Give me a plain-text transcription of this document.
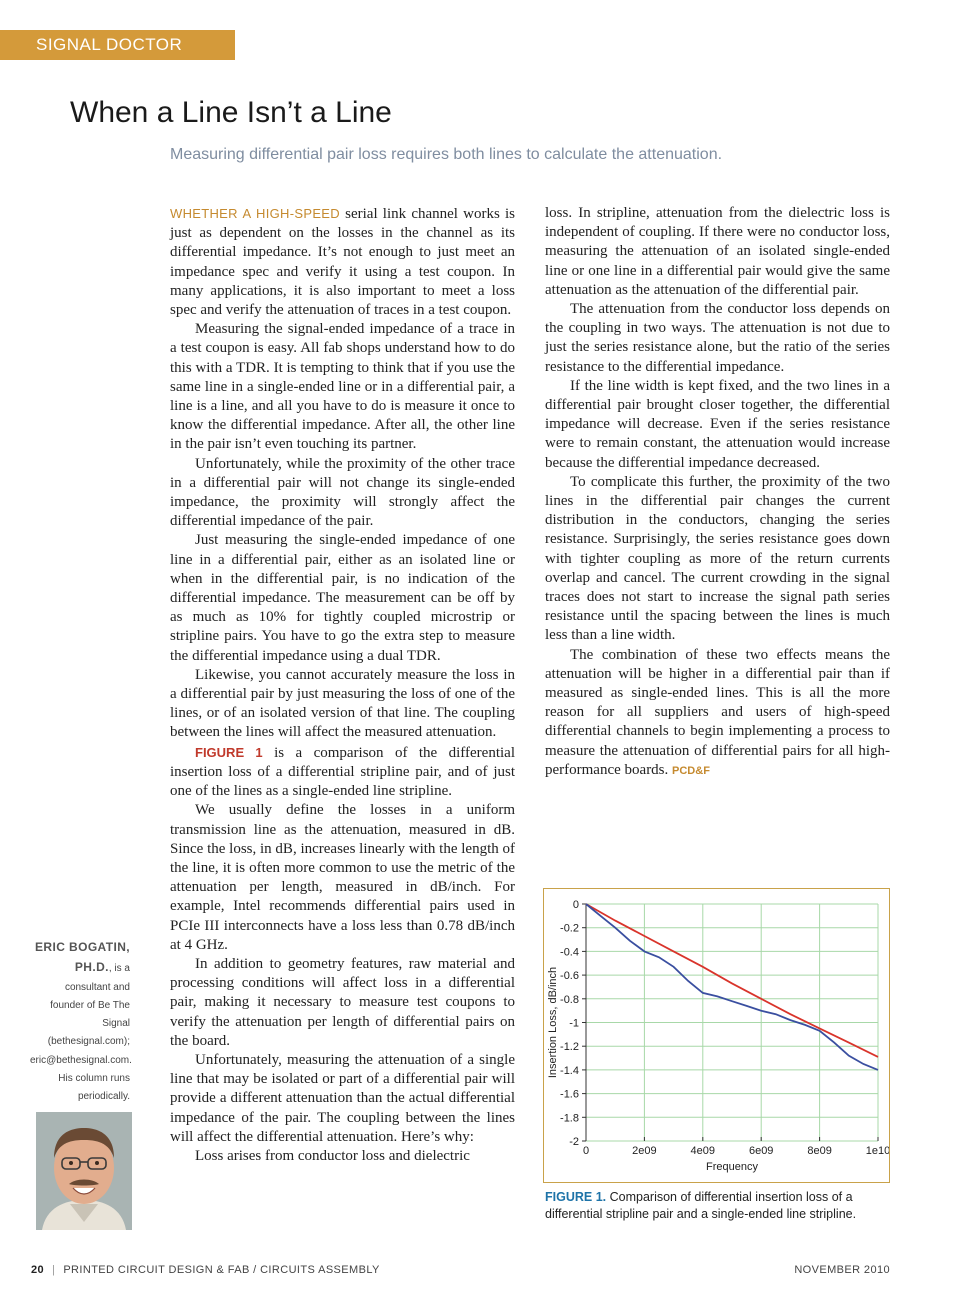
SIGNAL DOCTOR
When a Line Isn’t a Line

Measuring differential pair loss requires both lines to calculate the attenuation.

WHETHER A HIGH-SPEED serial link channel works is just as dependent on the losses in the channel as its differential impedance. It’s not enough to just meet an impedance spec and verify it using a test coupon. In many applications, it is also important to meet a loss spec and verify the attenuation of traces in a test coupon.

Measuring the signal-ended impedance of a trace in a test coupon is easy. All fab shops understand how to do this with a TDR. It is tempting to think that if you use the same line in a single-ended line or in a differential pair, a line is a line, and all you have to do is measure it once to know the differential impedance. After all, the other line in the pair isn’t even touching its partner.

Unfortunately, while the proximity of the other trace in a differential pair will not change its single-ended impedance, the proximity will strongly affect the differential impedance of the pair.

Just measuring the single-ended impedance of one line in a differential pair, either as an isolated line or when in the differential pair, is no indication of the differential impedance. The measurement can be off by as much as 10% for tightly coupled microstrip or stripline pairs. You have to go the extra step to measure the differential impedance using a dual TDR.

Likewise, you cannot accurately measure the loss in a differential pair by just measuring the loss of one of the lines, or of an isolated version of that line. The coupling between the lines will affect the measured attenuation.

FIGURE 1 is a comparison of the differential insertion loss of a differential stripline pair, and of just one of the lines as a single-ended line stripline.

We usually define the losses in a uniform transmission line as the attenuation, measured in dB. Since the loss, in dB, increases linearly with the length of the line, it is often more common to use the metric of the attenuation per length, measured in dB/inch. For example, Intel recommends differential pairs used in PCIe III interconnects have a loss less than 0.78 dB/inch at 4 GHz.

In addition to geometry features, raw material and processing conditions will affect loss in a differential pair, making it necessary to measure test coupons to verify the attenuation per length of differential pairs on the board.

Unfortunately, measuring the attenuation of a single line that may be isolated or part of a differential pair will provide a different attenuation than the actual differential impedance of the pair. The coupling between the lines will affect the differential attenuation. Here’s why:

Loss arises from conductor loss and dielectric

loss. In stripline, attenuation from the dielectric loss is independent of coupling. If there were no conductor loss, measuring the attenuation of an isolated single-ended line or one line in a differential pair would give the same attenuation as the attenuation of the differential pair.

The attenuation from the conductor loss depends on the coupling in two ways. The attenuation is not due to just the series resistance alone, but the ratio of the series resistance to the differential impedance.

If the line width is kept fixed, and the two lines in a differential pair brought closer together, the differential impedance will decrease. Even if the series resistance were to remain constant, the attenuation would increase because the differential impedance decreased.

To complicate this further, the proximity of the two lines in the differential pair changes the current distribution in the conductors, changing the series resistance. Surprisingly, the series resistance goes down with tighter coupling as more of the return currents overlap and cancel. The current crowding in the signal traces does not start to increase the signal path series resistance until the spacing between the lines is much less than a line width.

The combination of these two effects means the attenuation will be higher in a differential pair than if measured as single-ended lines. This is all the more reason for all suppliers and users of high-speed differential channels to begin implementing a process to measure the attenuation of differential pairs for all high-performance boards. PCD&F

ERIC BOGATIN,
PH.D., is a consultant and founder of Be The Signal (bethesignal.com); eric@bethesignal.com. His column runs periodically.
0
-0.2
-0.4
-0.6
-0.8
-1
-1.2
-1.4
-1.6
-1.8
-2
0	2e09	4e09	6e09	8e09	1e10
Frequency
Insertion Loss, dB/inch
FIGURE 1. Comparison of differential insertion loss of a differential stripline pair and a single-ended line stripline.
20 | PRINTED CIRCUIT DESIGN & FAB / CIRCUITS ASSEMBLY	NOVEMBER 2010
